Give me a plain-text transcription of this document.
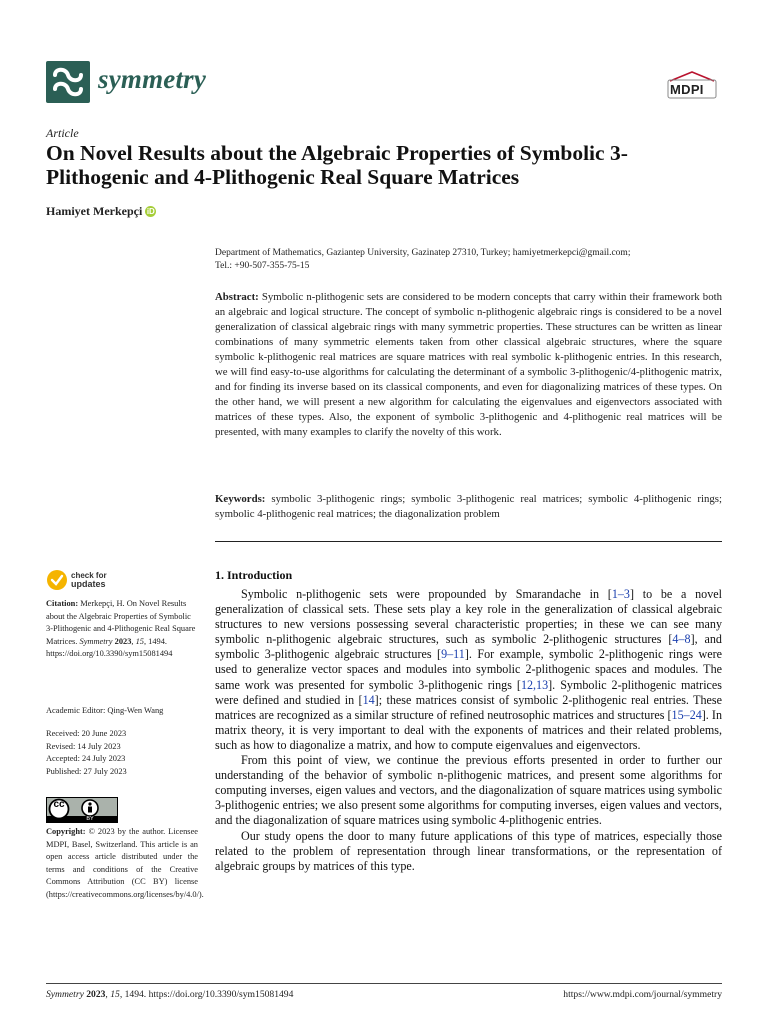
symmetry	MDPI
Article
On Novel Results about the Algebraic Properties of Symbolic 3-Plithogenic and 4-Plithogenic Real Square Matrices
Hamiyet Merkepçi iD
Department of Mathematics, Gaziantep University, Gazinatep 27310, Turkey; hamiyetmerkepci@gmail.com;
Tel.: +90-507-355-75-15
Abstract: Symbolic n-plithogenic sets are considered to be modern concepts that carry within their framework both an algebraic and logical structure. The concept of symbolic n-plithogenic algebraic rings is considered to be a novel generalization of classical algebraic rings with many symmetric properties. These structures can be written as linear combinations of many symmetric elements taken from other classical algebraic structures, where the square symbolic k-plithogenic real matrices are square matrices with real symbolic k-plithogenic entries. In this research, we will find easy-to-use algorithms for calculating the determinant of a symbolic 3-plithogenic/4-plithogenic matrix, and for finding its inverse based on its classical components, and even for diagonalizing matrices of these types. On the other hand, we will present a new algorithm for calculating the eigenvalues and eigenvectors associated with matrices of these types. Also, the exponent of symbolic 3-plithogenic and 4-plithogenic real matrices will be presented, with many examples to clarify the novelty of this work.
Keywords: symbolic 3-plithogenic rings; symbolic 3-plithogenic real matrices; symbolic 4-plithogenic rings; symbolic 4-plithogenic real matrices; the diagonalization problem
1. Introduction

Symbolic n-plithogenic sets were propounded by Smarandache in [1–3] to be a novel generalization of classical sets. These sets play a key role in the generalization of classical algebraic structures to new versions possessing several characteristic properties; in these we can see many symbolic n-plithogenic algebraic structures, such as symbolic 2-plithogenic structures [4–8], and symbolic 3-plithogenic algebraic structures [9–11]. For example, symbolic 2-plithogenic rings were used to generalize vector spaces and modules into symbolic 2-plithogenic spaces and modules. The same work was presented for symbolic 3-plithogenic rings [12,13]. Symbolic 2-plithogenic matrices were defined and studied in [14]; these matrices consist of symbolic 2-plithogenic real entries. These matrices are recognized as a similar structure of refined neutrosophic matrices and structures [15–24]. In matrix theory, it is very important to deal with the exponents of matrices and their related problems, such as how to diagonalize a matrix, and how to compute eigenvalues and eigenvectors.

From this point of view, we continue the previous efforts presented in order to further our understanding of the behavior of symbolic n-plithogenic matrices, and present some algorithms for computing inverses, eigen values and vectors, and the diagonalization of square matrices using symbolic 3-plithogenic entries; we also present some algorithms for computing inverses, eigen values and vectors, and the diagonalization of square matrices using symbolic 4-plithogenic entries.

Our study opens the door to many future applications of this type of matrices, especially those related to the problem of representation through linear transformations, or the representation of algebraic groups by matrices of this type.

check for
updates
Citation: Merkepçi, H. On Novel Results about the Algebraic Properties of Symbolic 3-Plithogenic and 4-Plithogenic Real Square Matrices. Symmetry 2023, 15, 1494. https://doi.org/10.3390/sym15081494
Academic Editor: Qing-Wen Wang
Received: 20 June 2023
Revised: 14 July 2023
Accepted: 24 July 2023
Published: 27 July 2023
cc
BY
Copyright: © 2023 by the author. Licensee MDPI, Basel, Switzerland. This article is an open access article distributed under the terms and conditions of the Creative Commons Attribution (CC BY) license (https://creativecommons.org/licenses/by/4.0/).
Symmetry 2023, 15, 1494. https://doi.org/10.3390/sym15081494	https://www.mdpi.com/journal/symmetry
